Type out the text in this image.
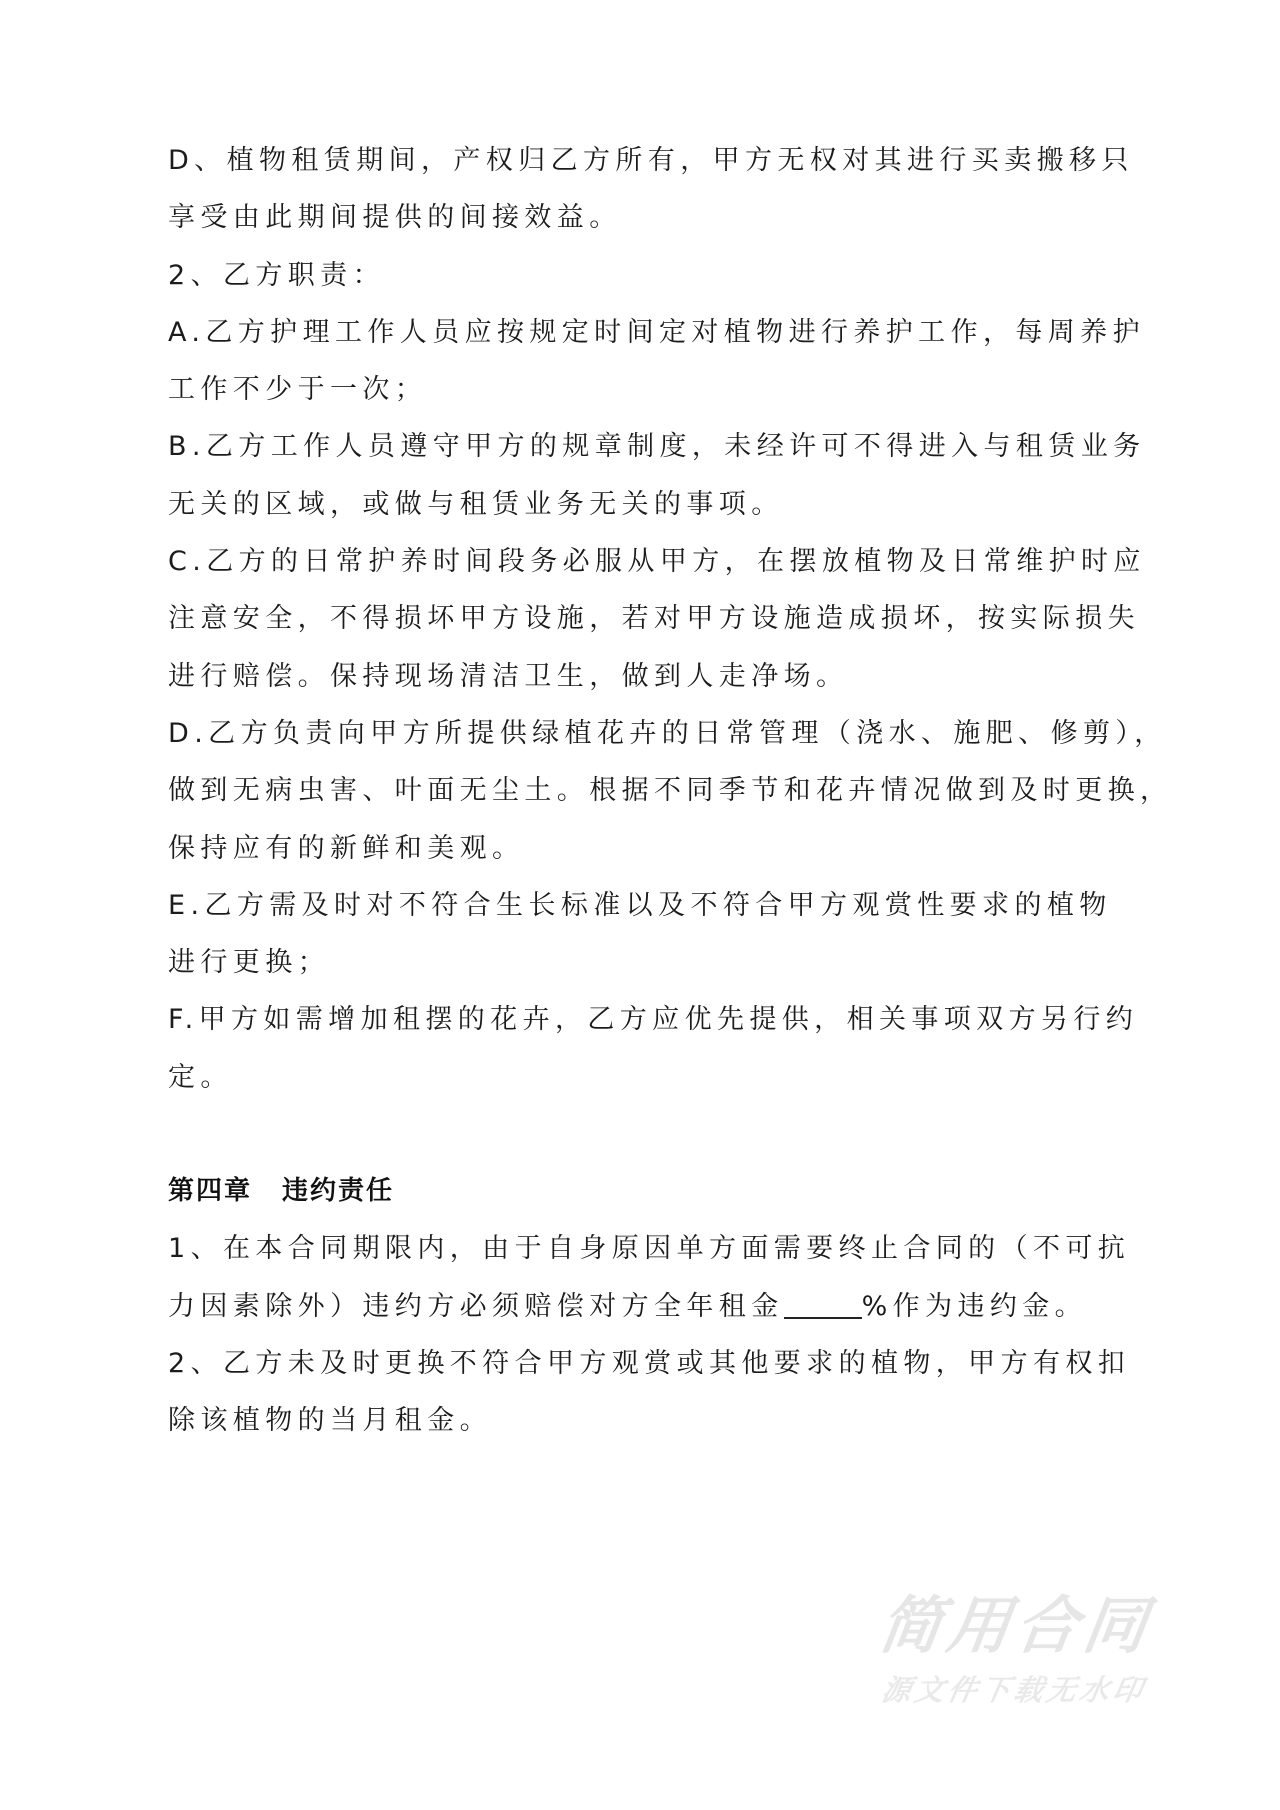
D、植物租赁期间，产权归乙方所有，甲方无权对其进行买卖搬移只
享受由此期间提供的间接效益。
2、乙方职责：
A.乙方护理工作人员应按规定时间定对植物进行养护工作，每周养护
工作不少于一次；
B.乙方工作人员遵守甲方的规章制度，未经许可不得进入与租赁业务
无关的区域，或做与租赁业务无关的事项。
C.乙方的日常护养时间段务必服从甲方，在摆放植物及日常维护时应
注意安全，不得损坏甲方设施，若对甲方设施造成损坏，按实际损失
进行赔偿。保持现场清洁卫生，做到人走净场。
D.乙方负责向甲方所提供绿植花卉的日常管理（浇水、施肥、修剪），
做到无病虫害、叶面无尘土。根据不同季节和花卉情况做到及时更换，
保持应有的新鲜和美观。
E.乙方需及时对不符合生长标准以及不符合甲方观赏性要求的植物
进行更换；
F.甲方如需增加租摆的花卉，乙方应优先提供，相关事项双方另行约
定。
第四章 违约责任
1、在本合同期限内，由于自身原因单方面需要终止合同的（不可抗
力因素除外）违约方必须赔偿对方全年租金	%作为违约金。
2、乙方未及时更换不符合甲方观赏或其他要求的植物，甲方有权扣
除该植物的当月租金。
简用合同
源文件下载无水印
